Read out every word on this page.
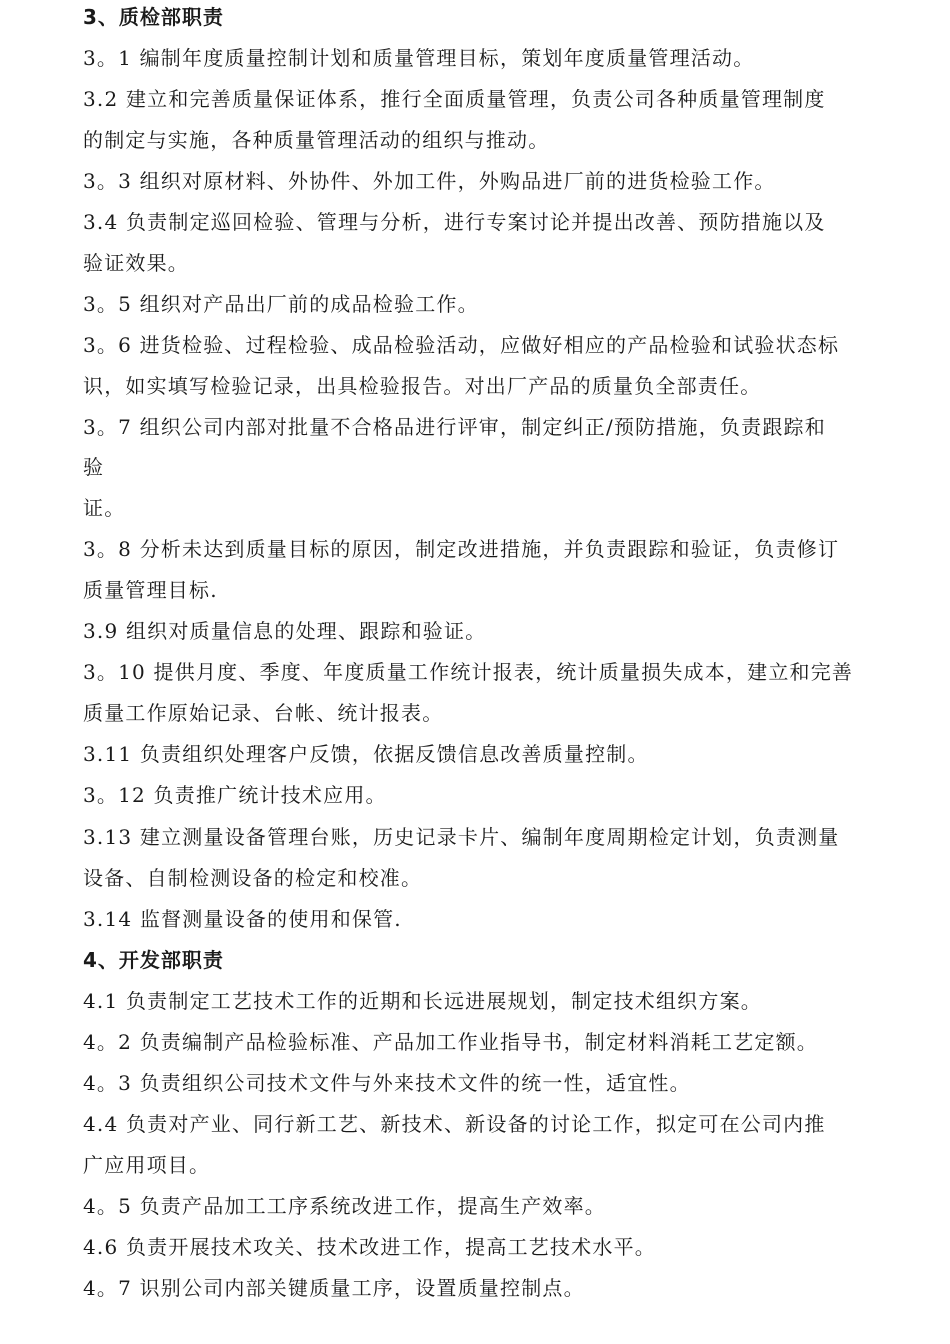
3、质检部职责
3。1 编制年度质量控制计划和质量管理目标，策划年度质量管理活动。
3.2 建立和完善质量保证体系，推行全面质量管理，负责公司各种质量管理制度
的制定与实施，各种质量管理活动的组织与推动。
3。3 组织对原材料、外协件、外加工件，外购品进厂前的进货检验工作。
3.4 负责制定巡回检验、管理与分析，进行专案讨论并提出改善、预防措施以及
验证效果。
3。5 组织对产品出厂前的成品检验工作。
3。6 进货检验、过程检验、成品检验活动，应做好相应的产品检验和试验状态标
识，如实填写检验记录，出具检验报告。对出厂产品的质量负全部责任。
3。7 组织公司内部对批量不合格品进行评审，制定纠正/预防措施，负责跟踪和
验
证。
3。8 分析未达到质量目标的原因，制定改进措施，并负责跟踪和验证，负责修订
质量管理目标.
3.9 组织对质量信息的处理、跟踪和验证。
3。10 提供月度、季度、年度质量工作统计报表，统计质量损失成本，建立和完善
质量工作原始记录、台帐、统计报表。
3.11 负责组织处理客户反馈，依据反馈信息改善质量控制。
3。12 负责推广统计技术应用。
3.13 建立测量设备管理台账，历史记录卡片、编制年度周期检定计划，负责测量
设备、自制检测设备的检定和校准。
3.14 监督测量设备的使用和保管.
4、开发部职责
4.1 负责制定工艺技术工作的近期和长远进展规划，制定技术组织方案。
4。2 负责编制产品检验标准、产品加工作业指导书，制定材料消耗工艺定额。
4。3 负责组织公司技术文件与外来技术文件的统一性，适宜性。
4.4 负责对产业、同行新工艺、新技术、新设备的讨论工作，拟定可在公司内推
广应用项目。
4。5 负责产品加工工序系统改进工作，提高生产效率。
4.6 负责开展技术攻关、技术改进工作，提高工艺技术水平。
4。7 识别公司内部关键质量工序，设置质量控制点。
